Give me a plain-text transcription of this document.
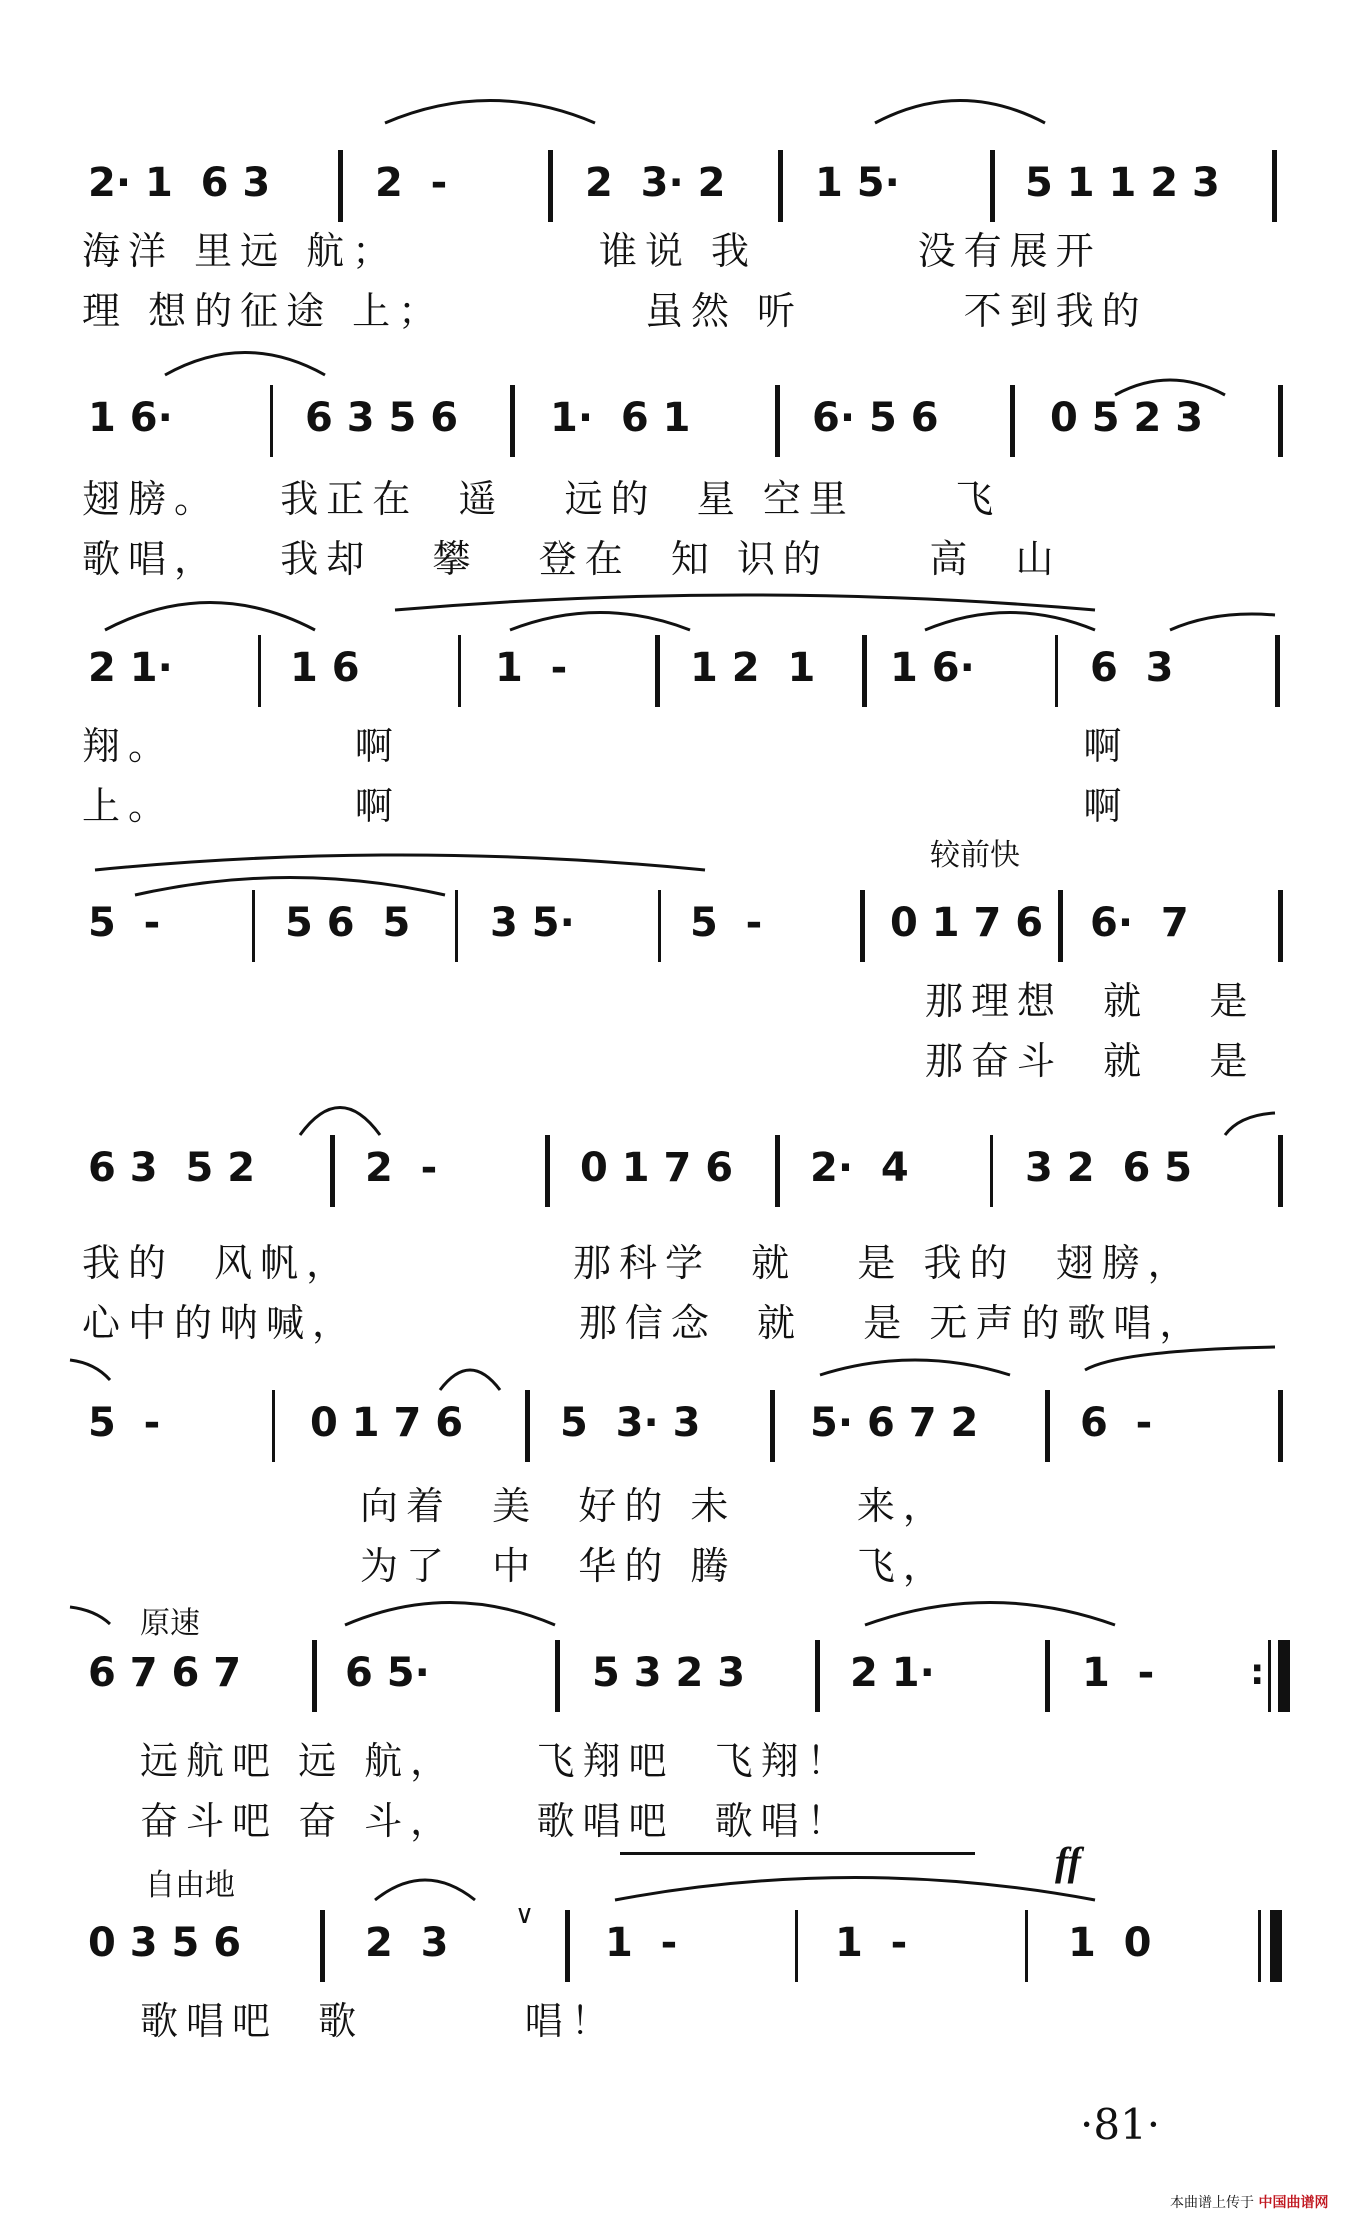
2· 1  6 3	2  -	2  3· 2 1 5·	5 1 1 2 3
海洋 里远 航；          谁说 我        没有展开
理 想的征途 上；          虽然 听        不到我的
1 6·	6 3 5 6 1·  6 1	6· 5 6	0 5 2 3
翅膀。   我正在  遥   远的  星 空里     飞
歌唱，   我却   攀   登在  知 识的     高  山
2 1·	1 6	1  -	1 2  1 1 6·	6  3
翔。         啊                                  啊
上。         啊                                  啊
较前快
5  -	5 6  5 3 5·	5  -	0 1 7 6 6·  7
那理想  就   是
那奋斗  就   是
6 3  5 2	2  -	0 1 7 6 2·  4	3 2  6 5
我的  风帆，           那科学  就   是 我的  翅膀，
心中的呐喊，           那信念  就   是 无声的歌唱，
5  -	0 1 7 6 5  3· 3	5· 6 7 2	6  -
向着  美  好的 未      来，
为了  中  华的 腾      飞，
原速
6 7 6 7	6 5·	5 3 2 3	2 1·	1  -	:
远航吧 远 航，    飞翔吧  飞翔！
奋斗吧 奋 斗，    歌唱吧  歌唱！
自由地
ff
0 3 5 6	2  3
∨
1  -	1  -	1  0
歌唱吧  歌        唱！
·81·
本曲谱上传于 中国曲谱网
